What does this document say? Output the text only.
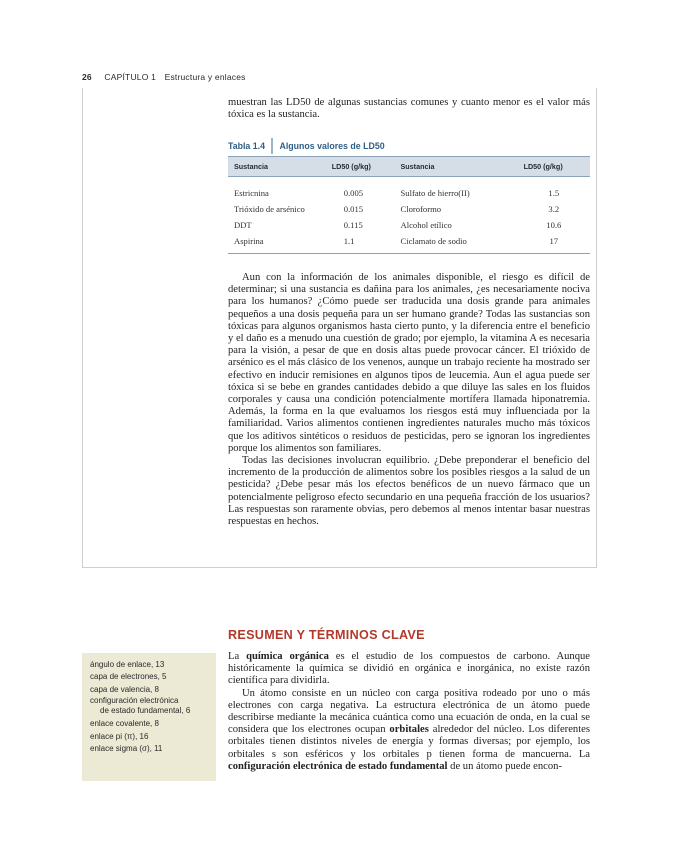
26 CAPÍTULO 1 Estructura y enlaces

muestran las LD50 de algunas sustancias comunes y cuanto menor es el valor más tóxica es la sustancia.

Tabla 1.4 Algunos valores de LD50
Sustancia	LD50 (g/kg)	Sustancia	LD50 (g/kg)
Estricnina	0.005	Sulfato de hierro(II)	1.5
Trióxido de arsénico	0.015	Cloroformo	3.2
DDT	0.115	Alcohol etílico	10.6
Aspirina	1.1	Ciclamato de sodio	17

Aun con la información de los animales disponible, el riesgo es difícil de determinar; si una sustancia es dañina para los animales, ¿es necesariamente nociva para los humanos? ¿Cómo puede ser traducida una dosis grande para animales pequeños a una dosis pequeña para un ser humano grande? Todas las sustancias son tóxicas para algunos organismos hasta cierto punto, y la diferencia entre el beneficio y el daño es a menudo una cuestión de grado; por ejemplo, la vitamina A es necesaria para la visión, a pesar de que en dosis altas puede provocar cáncer. El trióxido de arsénico es el más clásico de los venenos, aunque un trabajo reciente ha mostrado ser efectivo en inducir remisiones en algunos tipos de leucemia. Aun el agua puede ser tóxica si se bebe en grandes cantidades debido a que diluye las sales en los fluidos corporales y causa una condición potencialmente mortífera llamada hiponatremia. Además, la forma en la que evaluamos los riesgos está muy influenciada por la familiaridad. Varios alimentos contienen ingredientes naturales mucho más tóxicos que los aditivos sintéticos o residuos de pesticidas, pero se ignoran los ingredientes porque los alimentos son familiares.

Todas las decisiones involucran equilibrio. ¿Debe preponderar el beneficio del incremento de la producción de alimentos sobre los posibles riesgos a la salud de un pesticida? ¿Debe pesar más los efectos benéficos de un nuevo fármaco que un potencialmente peligroso efecto secundario en una pequeña fracción de los usuarios? Las respuestas son raramente obvias, pero debemos al menos intentar basar nuestras respuestas en hechos.

RESUMEN Y TÉRMINOS CLAVE
ángulo de enlace, 13
capa de electrones, 5
capa de valencia, 8
configuración electrónica
de estado fundamental, 6
enlace covalente, 8
enlace pi (π), 16
enlace sigma (σ), 11

La química orgánica es el estudio de los compuestos de carbono. Aunque históricamente la química se dividió en orgánica e inorgánica, no existe razón científica para dividirla.

Un átomo consiste en un núcleo con carga positiva rodeado por uno o más electrones con carga negativa. La estructura electrónica de un átomo puede describirse mediante la mecánica cuántica como una ecuación de onda, en la cual se considera que los electrones ocupan orbitales alrededor del núcleo. Los diferentes orbitales tienen distintos niveles de energía y formas diversas; por ejemplo, los orbitales s son esféricos y los orbitales p tienen forma de mancuerna. La configuración electrónica de estado fundamental de un átomo puede encon-
